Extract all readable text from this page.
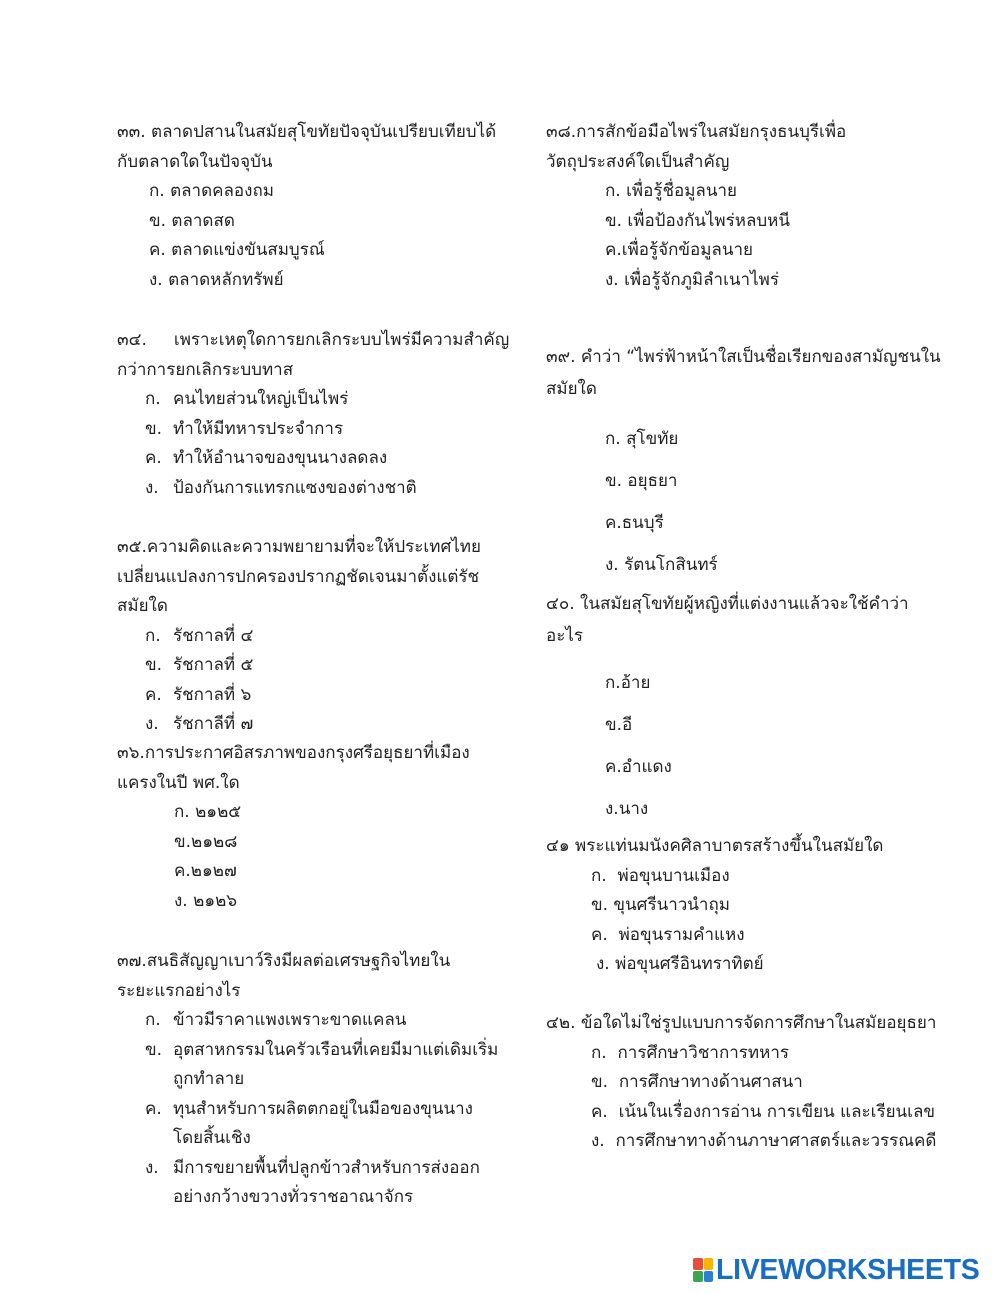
๓๓. ตลาดปสานในสมัยสุโขทัยปัจจุบันเปรียบเทียบได้
กับตลาดใดในปัจจุบัน
ก. ตลาดคลองถม
ข. ตลาดสด
ค. ตลาดแข่งขันสมบูรณ์
ง. ตลาดหลักทรัพย์
๓๔.     เพราะเหตุใดการยกเลิกระบบไพร่มีความสำคัญ
กว่าการยกเลิกระบบทาส
ก. คนไทยส่วนใหญ่เป็นไพร่
ข. ทำให้มีทหารประจำการ
ค. ทำให้อำนาจของขุนนางลดลง
ง. ป้องกันการแทรกแซงของต่างชาติ
๓๕.ความคิดและความพยายามที่จะให้ประเทศไทย
เปลี่ยนแปลงการปกครองปรากฏชัดเจนมาตั้งแต่รัช
สมัยใด
ก. รัชกาลที่ ๔
ข. รัชกาลที่ ๕
ค. รัชกาลที่ ๖
ง. รัชกาลีที่ ๗
๓๖.การประกาศอิสรภาพของกรุงศรีอยุธยาที่เมือง
แครงในปี พศ.ใด
ก. ๒๑๒๕
ข.๒๑๒๘
ค.๒๑๒๗
ง. ๒๑๒๖
๓๗.สนธิสัญญาเบาว์ริงมีผลต่อเศรษฐกิจไทยใน
ระยะแรกอย่างไร
ก. ข้าวมีราคาแพงเพราะขาดแคลน
ข. อุตสาหกรรมในครัวเรือนที่เคยมีมาแต่เดิมเริ่มถูกทำลาย
ค. ทุนสำหรับการผลิตตกอยู่ในมือของขุนนางโดยสิ้นเชิง
ง. มีการขยายพื้นที่ปลูกข้าวสำหรับการส่งออกอย่างกว้างขวางทั่วราชอาณาจักร
๓๘.การสักข้อมือไพร่ในสมัยกรุงธนบุรีเพื่อ
วัตถุประสงค์ใดเป็นสำคัญ
ก. เพื่อรู้ชื่อมูลนาย
ข. เพื่อป้องกันไพร่หลบหนี
ค.เพื่อรู้จักข้อมูลนาย
ง. เพื่อรู้จักภูมิลำเนาไพร่
๓๙. คำว่า “ไพร่ฟ้าหน้าใสเป็นชื่อเรียกของสามัญชนใน
สมัยใด
ก. สุโขทัย
ข. อยุธยา
ค.ธนบุรี
ง. รัตนโกสินทร์
๔๐. ในสมัยสุโขทัยผู้หญิงที่แต่งงานแล้วจะใช้คำว่า
อะไร
ก.อ้าย
ข.อี
ค.อำแดง
ง.นาง
๔๑ พระแท่นมนังคศิลาบาตรสร้างขึ้นในสมัยใด
ก.  พ่อขุนบานเมือง
ข. ขุนศรีนาวนำถุม
ค.  พ่อขุนรามคำแหง
ง. พ่อขุนศรีอินทราทิตย์
๔๒. ข้อใดไม่ใช่รูปแบบการจัดการศึกษาในสมัยอยุธยา
ก.  การศึกษาวิชาการทหาร
ข.  การศึกษาทางด้านศาสนา
ค.  เน้นในเรื่องการอ่าน การเขียน และเรียนเลข
ง.  การศึกษาทางด้านภาษาศาสตร์และวรรณคดี
LIVEWORKSHEETS
